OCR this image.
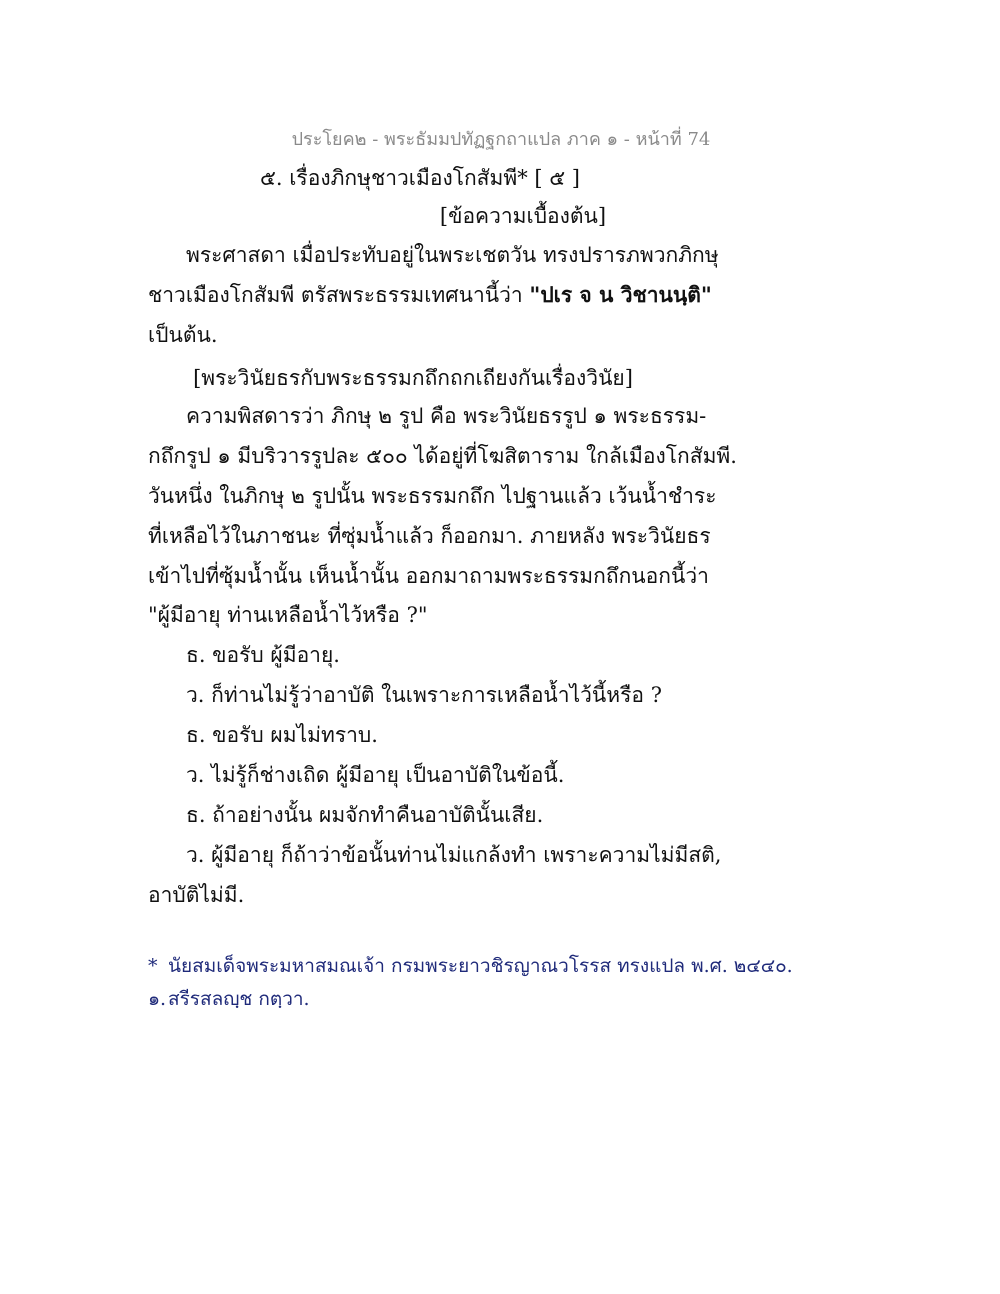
ประโยค๒ - พระธัมมปทัฏฐกถาแปล ภาค ๑ - หน้าที่ 74
๕. เรื่องภิกษุชาวเมืองโกสัมพี* [ ๕ ]
[ข้อความเบื้องต้น]
พระศาสดา เมื่อประทับอยู่ในพระเชตวัน ทรงปรารภพวกภิกษุ
ชาวเมืองโกสัมพี ตรัสพระธรรมเทศนานี้ว่า "ปเร จ น วิชานนฺติ"
เป็นต้น.
[พระวินัยธรกับพระธรรมกถึกถกเถียงกันเรื่องวินัย]
ความพิสดารว่า ภิกษุ ๒ รูป คือ พระวินัยธรรูป ๑ พระธรรม-
กถึกรูป ๑ มีบริวารรูปละ ๕๐๐ ได้อยู่ที่โฆสิตาราม ใกล้เมืองโกสัมพี.
วันหนึ่ง ในภิกษุ ๒ รูปนั้น พระธรรมกถึก ไปฐานแล้ว เว้นน้ำชำระ
ที่เหลือไว้ในภาชนะ ที่ซุ่มน้ำแล้ว ก็ออกมา. ภายหลัง พระวินัยธร
เข้าไปที่ซุ้มน้ำนั้น เห็นน้ำนั้น ออกมาถามพระธรรมกถึกนอกนี้ว่า
"ผู้มีอายุ ท่านเหลือน้ำไว้หรือ ?"
ธ. ขอรับ ผู้มีอายุ.
ว. ก็ท่านไม่รู้ว่าอาบัติ ในเพราะการเหลือน้ำไว้นี้หรือ ?
ธ. ขอรับ ผมไม่ทราบ.
ว. ไม่รู้ก็ช่างเถิด ผู้มีอายุ เป็นอาบัติในข้อนี้.
ธ. ถ้าอย่างนั้น ผมจักทำคืนอาบัตินั้นเสีย.
ว. ผู้มีอายุ ก็ถ้าว่าข้อนั้นท่านไม่แกล้งทำ เพราะความไม่มีสติ,
อาบัติไม่มี.
* นัยสมเด็จพระมหาสมณเจ้า กรมพระยาวชิรญาณวโรรส ทรงแปล พ.ศ. ๒๔๔๐.
๑.สรีรสลญฺช กตฺวา.
